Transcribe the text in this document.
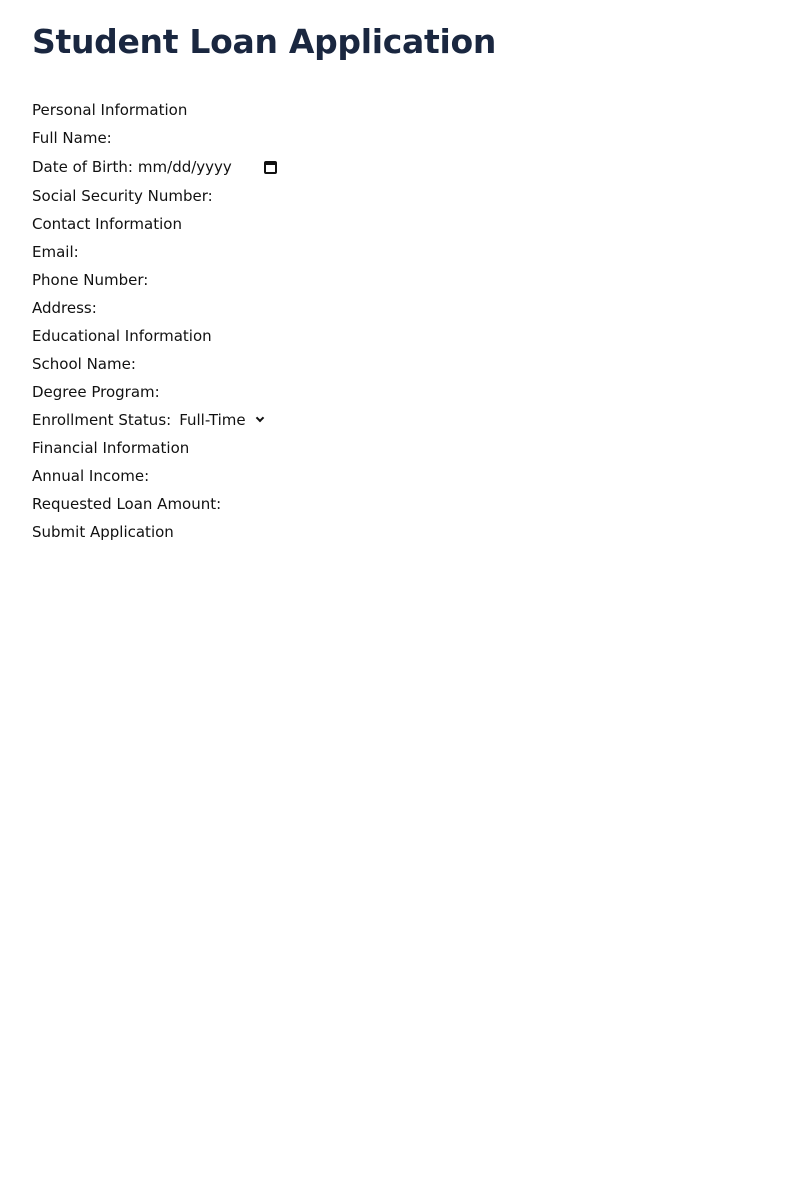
Student Loan Application
Personal Information
Full Name:
Date of Birth: mm/dd/yyyy
Social Security Number:
Contact Information
Email:
Phone Number:
Address:
Educational Information
School Name:
Degree Program:
Enrollment Status: Full-Time
Financial Information
Annual Income:
Requested Loan Amount:
Submit Application
